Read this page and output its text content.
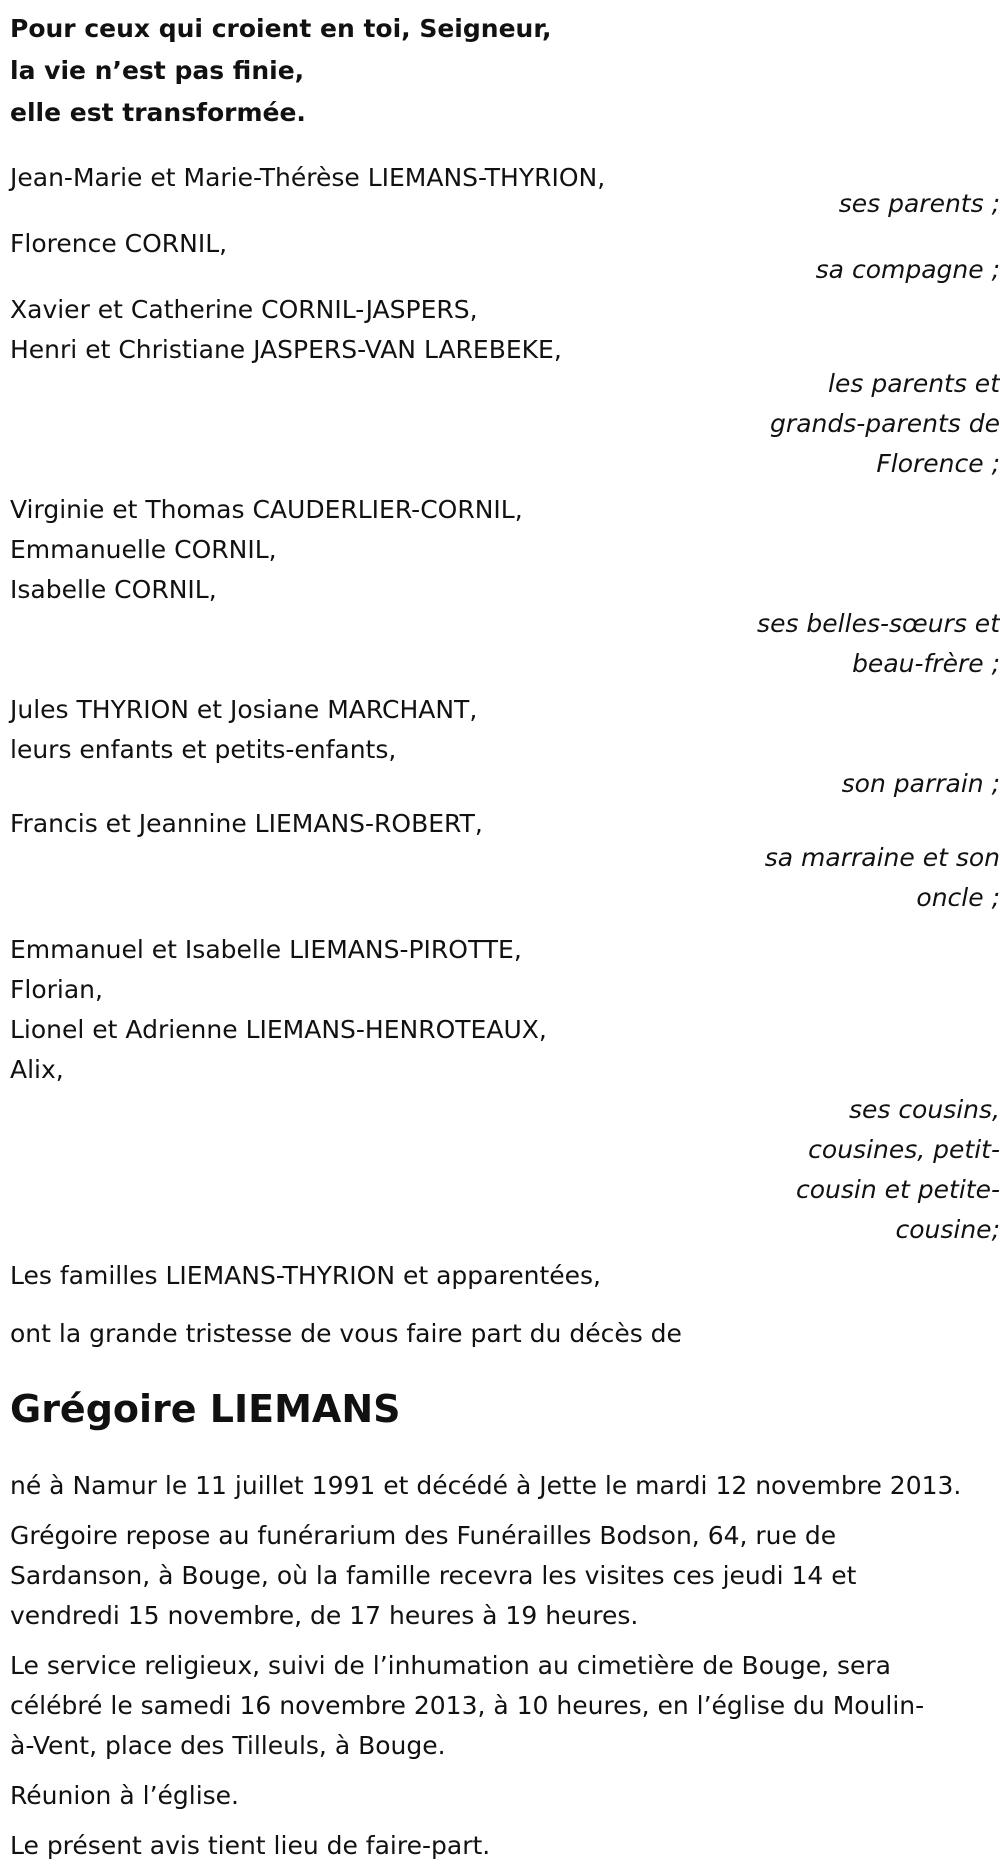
Pour ceux qui croient en toi, Seigneur,
la vie n’est pas finie,
elle est transformée.
Jean-Marie et Marie-Thérèse LIEMANS-THYRION,
ses parents ;
Florence CORNIL,
sa compagne ;
Xavier et Catherine CORNIL-JASPERS,
Henri et Christiane JASPERS-VAN LAREBEKE,
les parents et
grands-parents de
Florence ;
Virginie et Thomas CAUDERLIER-CORNIL,
Emmanuelle CORNIL,
Isabelle CORNIL,
ses belles-sœurs et
beau-frère ;
Jules THYRION et Josiane MARCHANT,
leurs enfants et petits-enfants,
son parrain ;
Francis et Jeannine LIEMANS-ROBERT,
sa marraine et son
oncle ;
Emmanuel et Isabelle LIEMANS-PIROTTE,
Florian,
Lionel et Adrienne LIEMANS-HENROTEAUX,
Alix,
ses cousins,
cousines, petit-
cousin et petite-
cousine;
Les familles LIEMANS-THYRION et apparentées,
ont la grande tristesse de vous faire part du décès de
Grégoire LIEMANS
né à Namur le 11 juillet 1991 et décédé à Jette le mardi 12 novembre 2013.
Grégoire repose au funérarium des Funérailles Bodson, 64, rue de
Sardanson, à Bouge, où la famille recevra les visites ces jeudi 14 et
vendredi 15 novembre, de 17 heures à 19 heures.
Le service religieux, suivi de l’inhumation au cimetière de Bouge, sera
célébré le samedi 16 novembre 2013, à 10 heures, en l’église du Moulin-
à-Vent, place des Tilleuls, à Bouge.
Réunion à l’église.
Le présent avis tient lieu de faire-part.
